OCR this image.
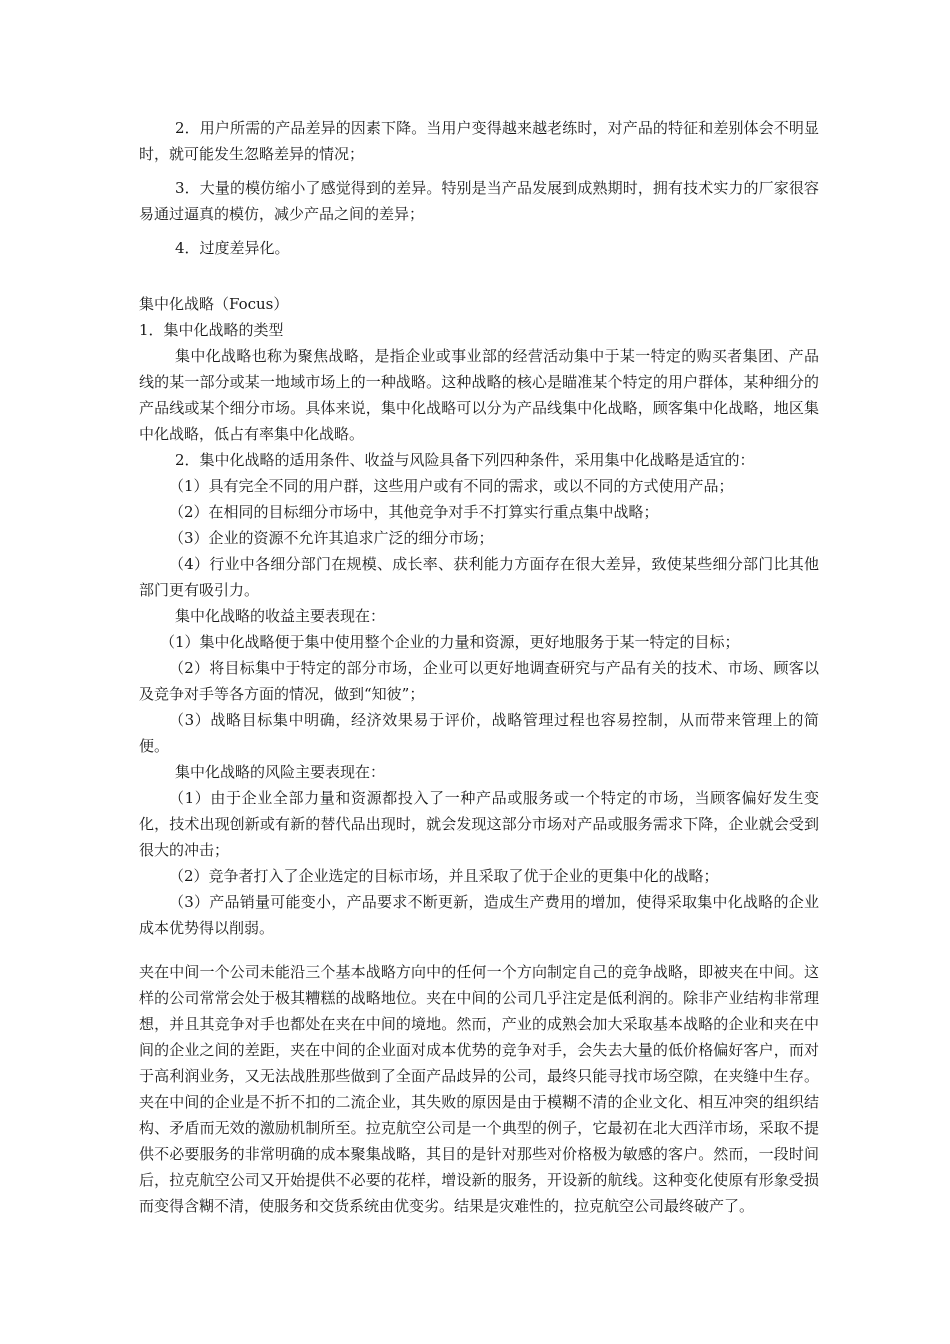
2．用户所需的产品差异的因素下降。当用户变得越来越老练时，对产品的特征和差别体会不明显时，就可能发生忽略差异的情况；

3．大量的模仿缩小了感觉得到的差异。特别是当产品发展到成熟期时，拥有技术实力的厂家很容易通过逼真的模仿，减少产品之间的差异；

4．过度差异化。

集中化战略（Focus）

1．集中化战略的类型

集中化战略也称为聚焦战略，是指企业或事业部的经营活动集中于某一特定的购买者集团、产品线的某一部分或某一地域市场上的一种战略。这种战略的核心是瞄准某个特定的用户群体，某种细分的产品线或某个细分市场。具体来说，集中化战略可以分为产品线集中化战略，顾客集中化战略，地区集中化战略，低占有率集中化战略。

2．集中化战略的适用条件、收益与风险具备下列四种条件，采用集中化战略是适宜的：

（1）具有完全不同的用户群，这些用户或有不同的需求，或以不同的方式使用产品；

（2）在相同的目标细分市场中，其他竞争对手不打算实行重点集中战略；

（3）企业的资源不允许其追求广泛的细分市场；

（4）行业中各细分部门在规模、成长率、获利能力方面存在很大差异，致使某些细分部门比其他部门更有吸引力。

集中化战略的收益主要表现在：

（1）集中化战略便于集中使用整个企业的力量和资源，更好地服务于某一特定的目标；

（2）将目标集中于特定的部分市场，企业可以更好地调查研究与产品有关的技术、市场、顾客以及竞争对手等各方面的情况，做到“知彼”；

（3）战略目标集中明确，经济效果易于评价，战略管理过程也容易控制，从而带来管理上的简便。

集中化战略的风险主要表现在：

（1）由于企业全部力量和资源都投入了一种产品或服务或一个特定的市场，当顾客偏好发生变化，技术出现创新或有新的替代品出现时，就会发现这部分市场对产品或服务需求下降，企业就会受到很大的冲击；

（2）竞争者打入了企业选定的目标市场，并且采取了优于企业的更集中化的战略；

（3）产品销量可能变小，产品要求不断更新，造成生产费用的增加，使得采取集中化战略的企业成本优势得以削弱。

夹在中间一个公司未能沿三个基本战略方向中的任何一个方向制定自己的竞争战略，即被夹在中间。这样的公司常常会处于极其糟糕的战略地位。夹在中间的公司几乎注定是低利润的。除非产业结构非常理想，并且其竞争对手也都处在夹在中间的境地。然而，产业的成熟会加大采取基本战略的企业和夹在中间的企业之间的差距，夹在中间的企业面对成本优势的竞争对手，会失去大量的低价格偏好客户，而对于高利润业务，又无法战胜那些做到了全面产品歧异的公司，最终只能寻找市场空隙，在夹缝中生存。夹在中间的企业是不折不扣的二流企业，其失败的原因是由于模糊不清的企业文化、相互冲突的组织结构、矛盾而无效的激励机制所至。拉克航空公司是一个典型的例子，它最初在北大西洋市场，采取不提供不必要服务的非常明确的成本聚集战略，其目的是针对那些对价格极为敏感的客户。然而，一段时间后，拉克航空公司又开始提供不必要的花样，增设新的服务，开设新的航线。这种变化使原有形象受损而变得含糊不清，使服务和交货系统由优变劣。结果是灾难性的，拉克航空公司最终破产了。
